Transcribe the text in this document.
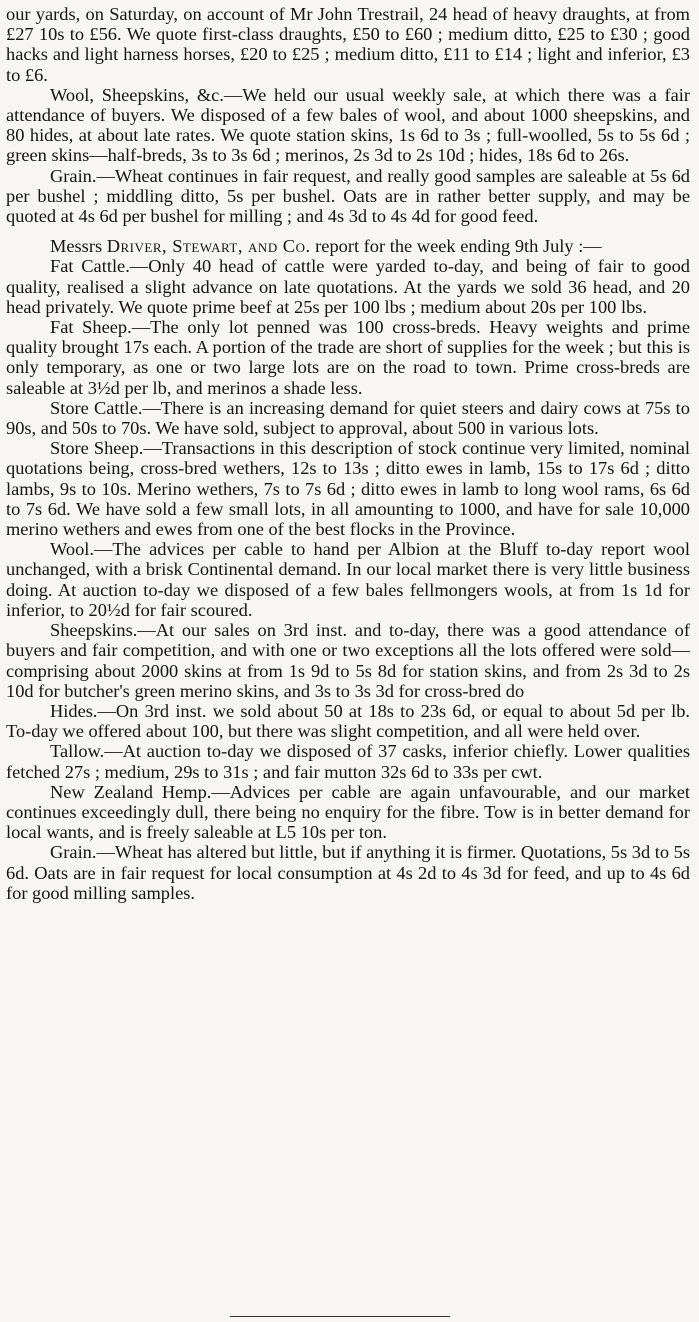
our yards, on Saturday, on account of Mr John Trestrail, 24 head of heavy draughts, at from £27 10s to £56. We quote first-class draughts, £50 to £60 ; medium ditto, £25 to £30 ; good hacks and light harness horses, £20 to £25 ; medium ditto, £11 to £14 ; light and inferior, £3 to £6.

Wool, Sheepskins, &c.—We held our usual weekly sale, at which there was a fair attendance of buyers. We disposed of a few bales of wool, and about 1000 sheepskins, and 80 hides, at about late rates. We quote station skins, 1s 6d to 3s ; full-woolled, 5s to 5s 6d ; green skins—half-breds, 3s to 3s 6d ; merinos, 2s 3d to 2s 10d ; hides, 18s 6d to 26s.

Grain.—Wheat continues in fair request, and really good samples are saleable at 5s 6d per bushel ; middling ditto, 5s per bushel. Oats are in rather better supply, and may be quoted at 4s 6d per bushel for milling ; and 4s 3d to 4s 4d for good feed.

Messrs Driver, Stewart, and Co. report for the week ending 9th July :—

Fat Cattle.—Only 40 head of cattle were yarded to-day, and being of fair to good quality, realised a slight advance on late quotations. At the yards we sold 36 head, and 20 head privately. We quote prime beef at 25s per 100 lbs ; medium about 20s per 100 lbs.

Fat Sheep.—The only lot penned was 100 cross-breds. Heavy weights and prime quality brought 17s each. A portion of the trade are short of supplies for the week ; but this is only temporary, as one or two large lots are on the road to town. Prime cross-breds are saleable at 3½d per lb, and merinos a shade less.

Store Cattle.—There is an increasing demand for quiet steers and dairy cows at 75s to 90s, and 50s to 70s. We have sold, subject to approval, about 500 in various lots.

Store Sheep.—Transactions in this description of stock continue very limited, nominal quotations being, cross-bred wethers, 12s to 13s ; ditto ewes in lamb, 15s to 17s 6d ; ditto lambs, 9s to 10s. Merino wethers, 7s to 7s 6d ; ditto ewes in lamb to long wool rams, 6s 6d to 7s 6d. We have sold a few small lots, in all amounting to 1000, and have for sale 10,000 merino wethers and ewes from one of the best flocks in the Province.

Wool.—The advices per cable to hand per Albion at the Bluff to-day report wool unchanged, with a brisk Continental demand. In our local market there is very little business doing. At auction to-day we disposed of a few bales fellmongers wools, at from 1s 1d for inferior, to 20½d for fair scoured.

Sheepskins.—At our sales on 3rd inst. and to-day, there was a good attendance of buyers and fair competition, and with one or two exceptions all the lots offered were sold—comprising about 2000 skins at from 1s 9d to 5s 8d for station skins, and from 2s 3d to 2s 10d for butcher's green merino skins, and 3s to 3s 3d for cross-bred do

Hides.—On 3rd inst. we sold about 50 at 18s to 23s 6d, or equal to about 5d per lb. To-day we offered about 100, but there was slight competition, and all were held over.

Tallow.—At auction to-day we disposed of 37 casks, inferior chiefly. Lower qualities fetched 27s ; medium, 29s to 31s ; and fair mutton 32s 6d to 33s per cwt.

New Zealand Hemp.—Advices per cable are again unfavourable, and our market continues exceedingly dull, there being no enquiry for the fibre. Tow is in better demand for local wants, and is freely saleable at L5 10s per ton.

Grain.—Wheat has altered but little, but if anything it is firmer. Quotations, 5s 3d to 5s 6d. Oats are in fair request for local consumption at 4s 2d to 4s 3d for feed, and up to 4s 6d for good milling samples.
